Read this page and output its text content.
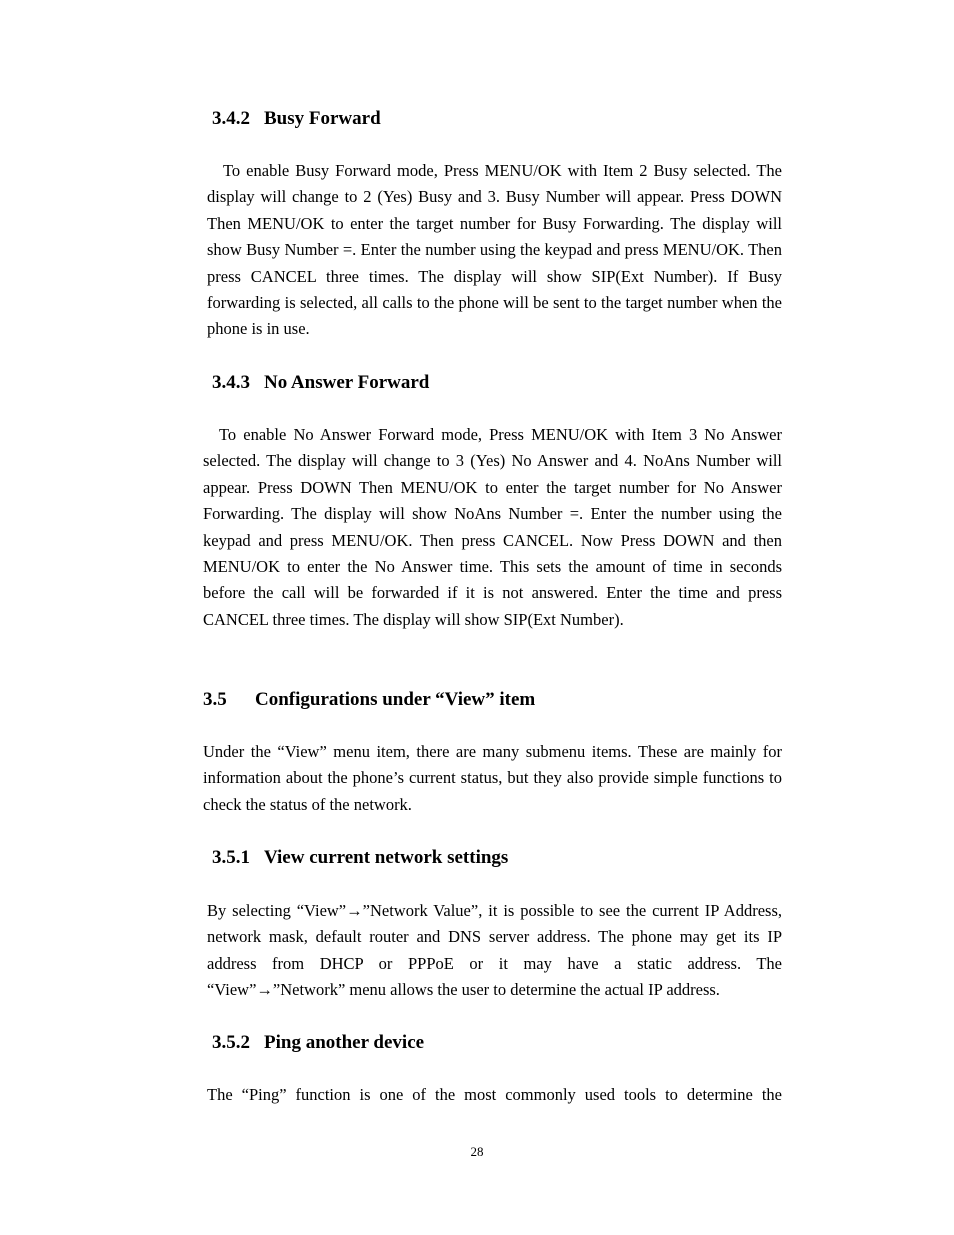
3.4.2 Busy Forward

To enable Busy Forward mode, Press MENU/OK with Item 2 Busy selected. The display will change to 2 (Yes) Busy and 3. Busy Number will appear. Press DOWN Then MENU/OK to enter the target number for Busy Forwarding. The display will show Busy Number =. Enter the number using the keypad and press MENU/OK. Then press CANCEL three times. The display will show SIP(Ext Number). If Busy forwarding is selected, all calls to the phone will be sent to the target number when the phone is in use.

3.4.3 No Answer Forward

To enable No Answer Forward mode, Press MENU/OK with Item 3 No Answer selected. The display will change to 3 (Yes) No Answer and 4. NoAns Number will appear. Press DOWN Then MENU/OK to enter the target number for No Answer Forwarding. The display will show NoAns Number =. Enter the number using the keypad and press MENU/OK. Then press CANCEL. Now Press DOWN and then MENU/OK to enter the No Answer time. This sets the amount of time in seconds before the call will be forwarded if it is not answered. Enter the time and press CANCEL three times. The display will show SIP(Ext Number).

3.5 Configurations under “View” item

Under the “View” menu item, there are many submenu items. These are mainly for information about the phone’s current status, but they also provide simple functions to check the status of the network.

3.5.1 View current network settings

By selecting “View”→”Network Value”, it is possible to see the current IP Address, network mask, default router and DNS server address. The phone may get its IP address from DHCP or PPPoE or it may have a static address. The “View”→”Network” menu allows the user to determine the actual IP address.

3.5.2 Ping another device

The “Ping” function is one of the most commonly used tools to determine the

28
